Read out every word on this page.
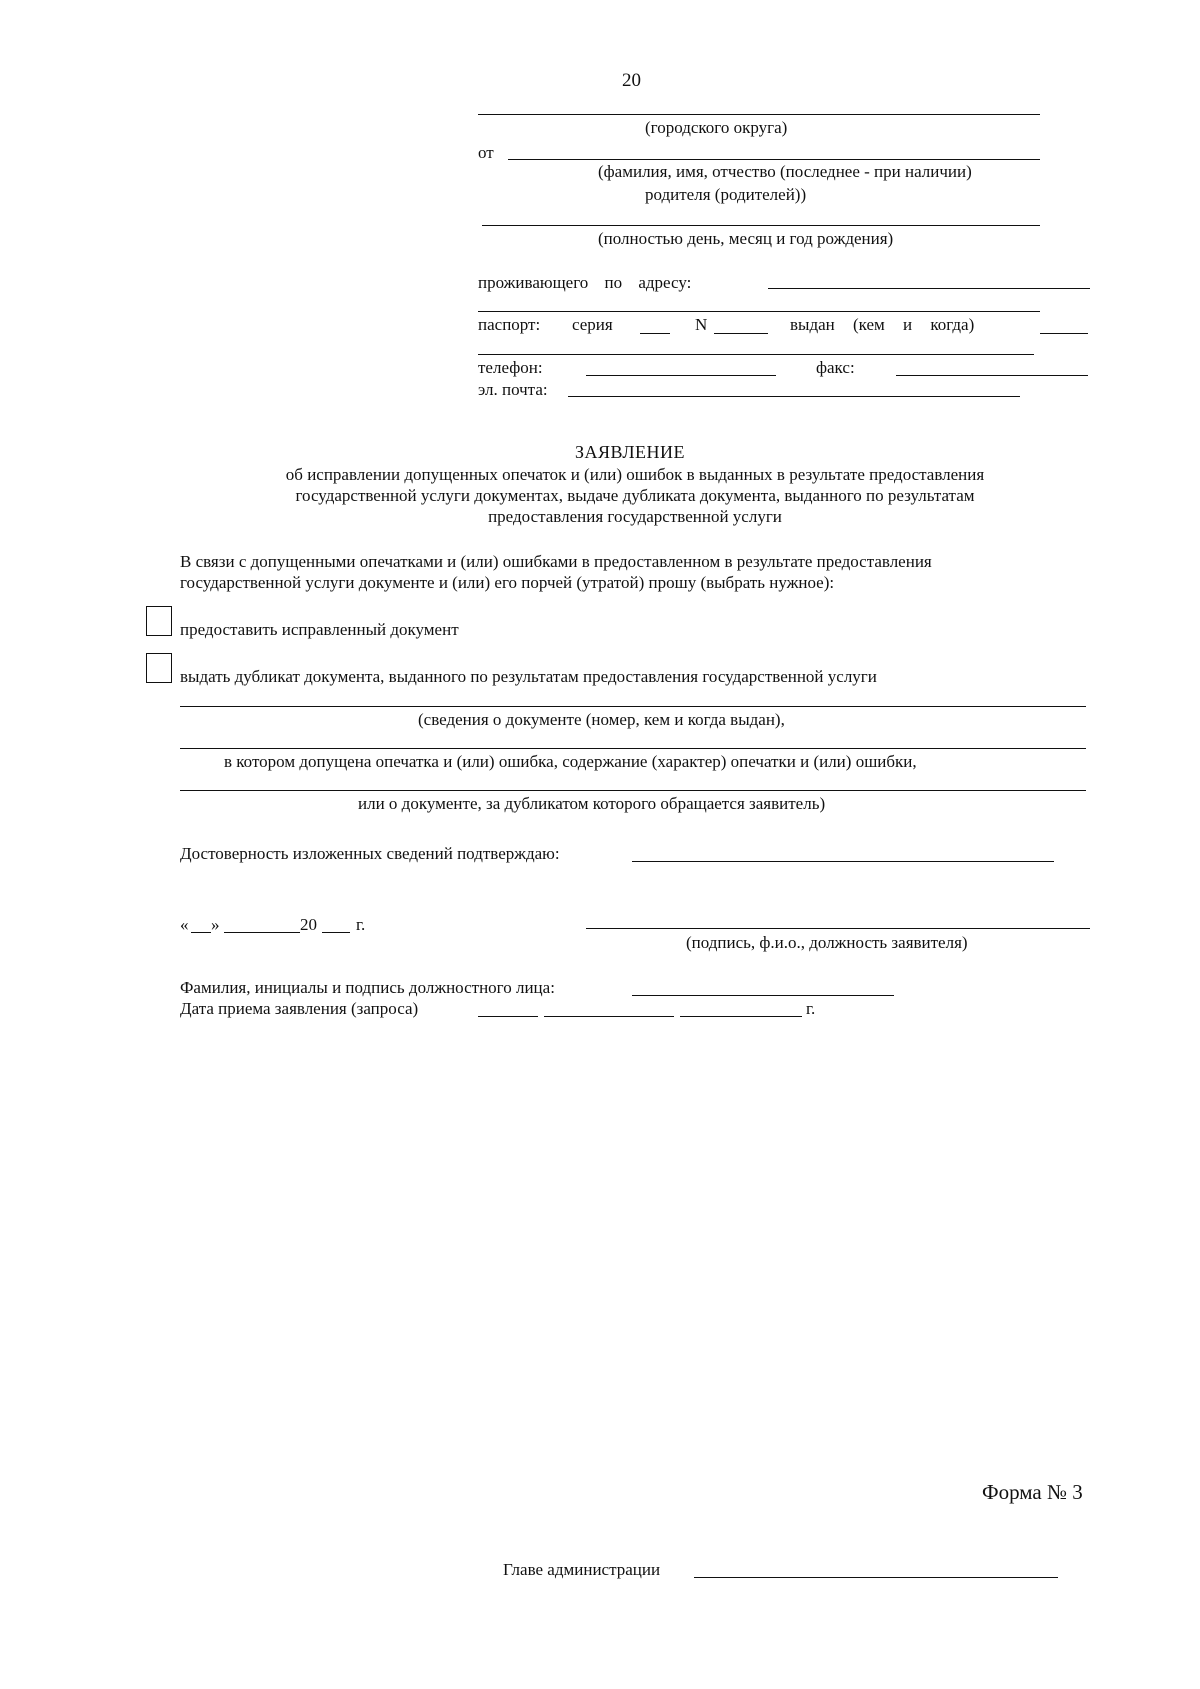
20
(городского округа)
от
(фамилия, имя, отчество (последнее - при наличии)
родителя (родителей))
(полностью день, месяц и год рождения)
проживающего по адресу:
паспорт: серия	N	выдан (кем и когда)
телефон:	факс:
эл. почта:
ЗАЯВЛЕНИЕ
об исправлении допущенных опечаток и (или) ошибок в выданных в результате предоставления
государственной услуги документах, выдаче дубликата документа, выданного по результатам
предоставления государственной услуги
В связи с допущенными опечатками и (или) ошибками в предоставленном в результате предоставления
государственной услуги документе и (или) его порчей (утратой) прошу (выбрать нужное):
предоставить исправленный документ
выдать дубликат документа, выданного по результатам предоставления государственной услуги
(сведения о документе (номер, кем и когда выдан),
в котором допущена опечатка и (или) ошибка, содержание (характер) опечатки и (или) ошибки,
или о документе, за дубликатом которого обращается заявитель)
Достоверность изложенных сведений подтверждаю:
« »	20 г.
(подпись, ф.и.о., должность заявителя)
Фамилия, инициалы и подпись должностного лица:
Дата приема заявления (запроса)	г.
Форма № 3
Главе администрации
